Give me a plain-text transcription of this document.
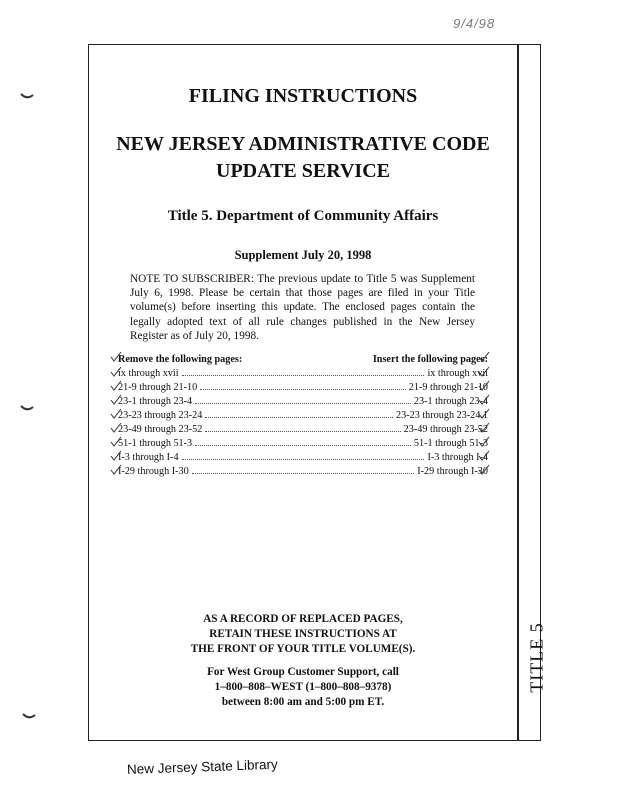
9/4/98
TITLE 5
FILING INSTRUCTIONS
NEW JERSEY ADMINISTRATIVE CODE
UPDATE SERVICE
Title 5. Department of Community Affairs
Supplement July 20, 1998
NOTE TO SUBSCRIBER: The previous update to Title 5 was Supplement July 6, 1998. Please be certain that those pages are filed in your Title volume(s) before inserting this update. The enclosed pages contain the legally adopted text of all rule changes published in the New Jersey Register as of July 20, 1998.
Remove the following pages:	Insert the following pages:
ix through xvii	ix through xvii
21-9 through 21-10	21-9 through 21-10
23-1 through 23-4	23-1 through 23-4
23-23 through 23-24	23-23 through 23-24.1
23-49 through 23-52	23-49 through 23-52
51-1 through 51-3	51-1 through 51-3
I-3 through I-4	I-3 through I-4
I-29 through I-30	I-29 through I-30
AS A RECORD OF REPLACED PAGES,
RETAIN THESE INSTRUCTIONS AT
THE FRONT OF YOUR TITLE VOLUME(S).
For West Group Customer Support, call
1–800–808–WEST (1–800–808–9378)
between 8:00 am and 5:00 pm ET.
New Jersey State Library
